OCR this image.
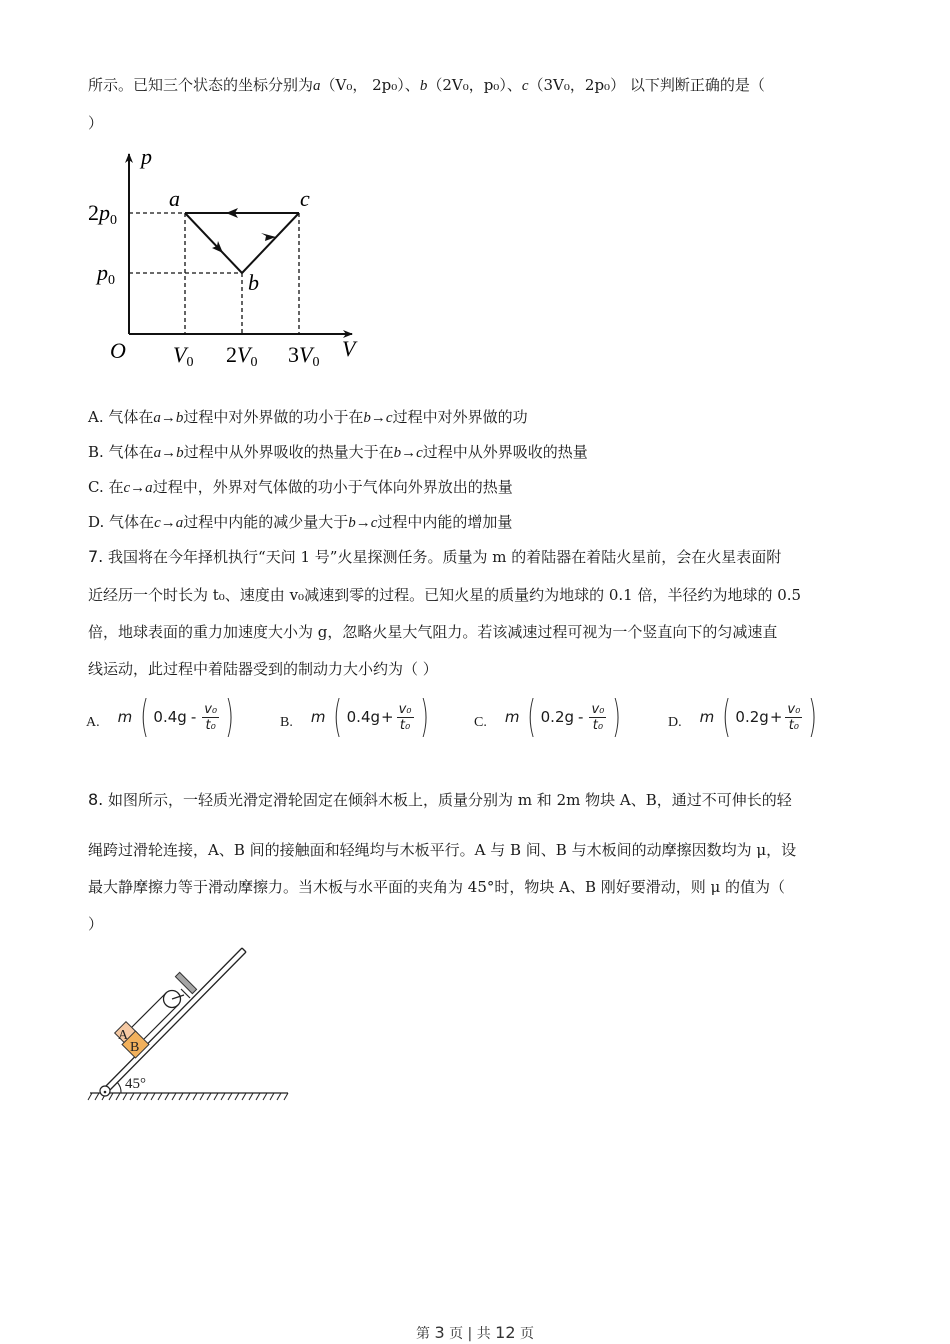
所示。已知三个状态的坐标分别为a（V₀， 2p₀）、b（2V₀，p₀）、c（3V₀，2p₀） 以下判断正确的是（
）
p
V
O
2p0
p0
V0 2V0 3V0
a
b
c
A. 气体在a→b过程中对外界做的功小于在b→c过程中对外界做的功
B. 气体在a→b过程中从外界吸收的热量大于在b→c过程中从外界吸收的热量
C. 在c→a过程中，外界对气体做的功小于气体向外界放出的热量
D. 气体在c→a过程中内能的减少量大于b→c过程中内能的增加量
7. 我国将在今年择机执行“天问 1 号”火星探测任务。质量为 m 的着陆器在着陆火星前，会在火星表面附
近经历一个时长为 t₀、速度由 v₀减速到零的过程。已知火星的质量约为地球的 0.1 倍，半径约为地球的 0.5
倍，地球表面的重力加速度大小为 g，忽略火星大气阻力。若该减速过程可视为一个竖直向下的匀减速直
线运动，此过程中着陆器受到的制动力大小约为（ ）
A. m ( $0.4g - \frac{\text{v₀}}{\text{t₀}}$ )	B. m ( $0.4g + \frac{\text{v₀}}{\text{t₀}}$ )	C. m ( $0.2g - \frac{\text{v₀}}{\text{t₀}}$ )	D. m ( $0.2g + \frac{\text{v₀}}{\text{t₀}}$ )
8. 如图所示，一轻质光滑定滑轮固定在倾斜木板上，质量分别为 m 和 2m 物块 A、B，通过不可伸长的轻
绳跨过滑轮连接，A、B 间的接触面和轻绳均与木板平行。A 与 B 间、B 与木板间的动摩擦因数均为 μ，设
最大静摩擦力等于滑动摩擦力。当木板与水平面的夹角为 45°时，物块 A、B 刚好要滑动，则 μ 的值为（
）
45°
A
B
第 3 页 | 共 12 页
